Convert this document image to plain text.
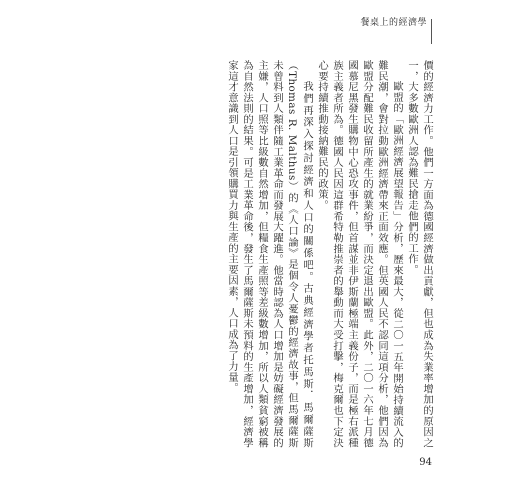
餐桌上的經濟學

價的經濟力工作。他們一方面為德國經濟做出貢獻，但也成為失業率增加的原因之一，大多數歐洲人認為難民搶走他們的工作。

歐盟的「歐洲經濟展望報告」分析，歷來最大，從二〇一五年開始持續流入的難民潮，會對拉動歐洲經濟帶來正面效應。但英國人民不認同這項分析，他們因為歐盟分配難民收留所產生的就業紛爭，而決定退出歐盟。此外，二〇一六年七月德國慕尼黑發生購物中心恐攻事件，但首謀並非伊斯蘭極端主義份子，而是極右派種族主義者所為。德國人民因這群希特勒推崇者的舉動而大受打擊，梅克爾也下定決心要持續推動接納難民的政策。

我們再深入探討經濟和人口的關係吧。古典經濟學者托馬斯．馬爾薩斯（Thomas R. Malthus）的《人口論》是個令人憂鬱的經濟故事，但馬爾薩斯未曾料到人類伴隨工業革命而發展大躍進。他當時認為人口增加是妨礙經濟發展的主嫌，人口照等比級數自然增加，但糧食生產照等差級數增加，所以人類貧窮被稱為自然法則的結果。可是工業革命後，發生了馬爾薩斯未預料的生產增加，經濟學家這才意識到人口是引領購買力與生產的主要因素，人口成為了力量。

94
